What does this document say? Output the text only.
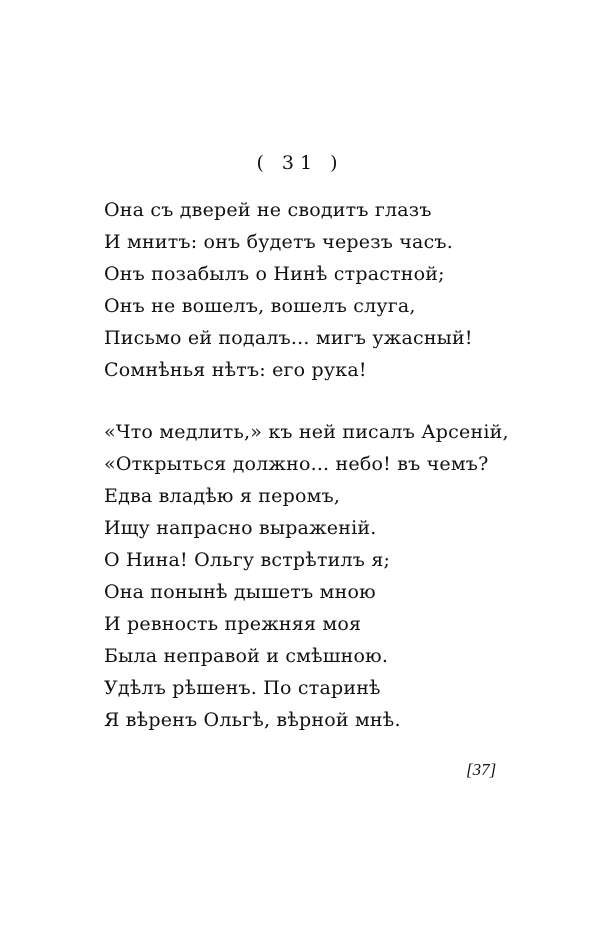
( 31 )
Она съ дверей не сводитъ глазъ
И мнитъ: онъ будетъ черезъ часъ.
Онъ позабылъ о Нинѣ страстной;
Онъ не вошелъ, вошелъ слуга,
Письмо ей подалъ... мигъ ужасный!
Сомнѣнья нѣтъ: его рука!
«Что медлить,» къ ней писалъ Арсеній,
«Открыться должно... небо! въ чемъ?
Едва владѣю я перомъ,
Ищу напрасно выраженій.
О Нина! Ольгу встрѣтилъ я;
Она понынѣ дышетъ мною
И ревность прежняя моя
Была неправой и смѣшною.
Удѣлъ рѣшенъ. По старинѣ
Я вѣренъ Ольгѣ, вѣрной мнѣ.
[37]
